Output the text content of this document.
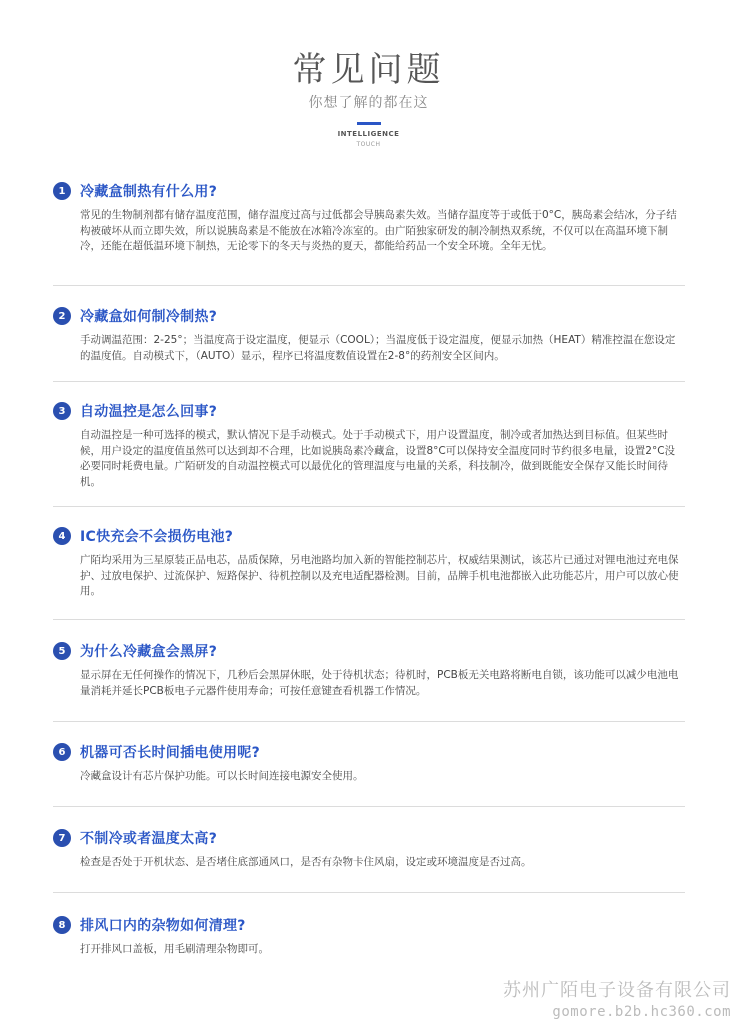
常见问题
你想了解的都在这
INTELLIGENCE
TOUCH
1	冷藏盒制热有什么用?
常见的生物制剂都有储存温度范围，储存温度过高与过低都会导胰岛素失效。当储存温度等于或低于0°C，胰岛素会结冰，分子结构被破坏从而立即失效，所以说胰岛素是不能放在冰箱冷冻室的。由广陌独家研发的制冷制热双系统，不仅可以在高温环境下制冷，还能在超低温环境下制热，无论零下的冬天与炎热的夏天，都能给药品一个安全环境。全年无忧。
2	冷藏盒如何制冷制热?
手动调温范围：2-25°；当温度高于设定温度，便显示（COOL）；当温度低于设定温度，便显示加热（HEAT）精准控温在您设定的温度值。自动模式下，（AUTO）显示，程序已将温度数值设置在2-8°的药剂安全区间内。
3	自动温控是怎么回事?
自动温控是一种可选择的模式，默认情况下是手动模式。处于手动模式下，用户设置温度，制冷或者加热达到目标值。但某些时候，用户设定的温度值虽然可以达到却不合理，比如说胰岛素冷藏盒，设置8°C可以保持安全温度同时节约很多电量，设置2°C没必要同时耗费电量。广陌研发的自动温控模式可以最优化的管理温度与电量的关系，科技制冷，做到既能安全保存又能长时间待机。
4	IC快充会不会损伤电池?
广陌均采用为三星原装正品电芯，品质保障，另电池路均加入新的智能控制芯片，权威结果测试，该芯片已通过对锂电池过充电保护、过放电保护、过流保护、短路保护、待机控制以及充电适配器检测。目前，品牌手机电池都嵌入此功能芯片，用户可以放心使用。
5	为什么冷藏盒会黑屏?
显示屏在无任何操作的情况下，几秒后会黑屏休眠，处于待机状态；待机时，PCB板无关电路将断电自锁，该功能可以减少电池电量消耗并延长PCB板电子元器件使用寿命；可按任意键查看机器工作情况。
6	机器可否长时间插电使用呢?
冷藏盒设计有芯片保护功能。可以长时间连接电源安全使用。
7	不制冷或者温度太高?
检查是否处于开机状态、是否堵住底部通风口，是否有杂物卡住风扇，设定或环境温度是否过高。
8	排风口内的杂物如何清理?
打开排风口盖板，用毛刷清理杂物即可。
苏州广陌电子设备有限公司
gomore.b2b.hc360.com
